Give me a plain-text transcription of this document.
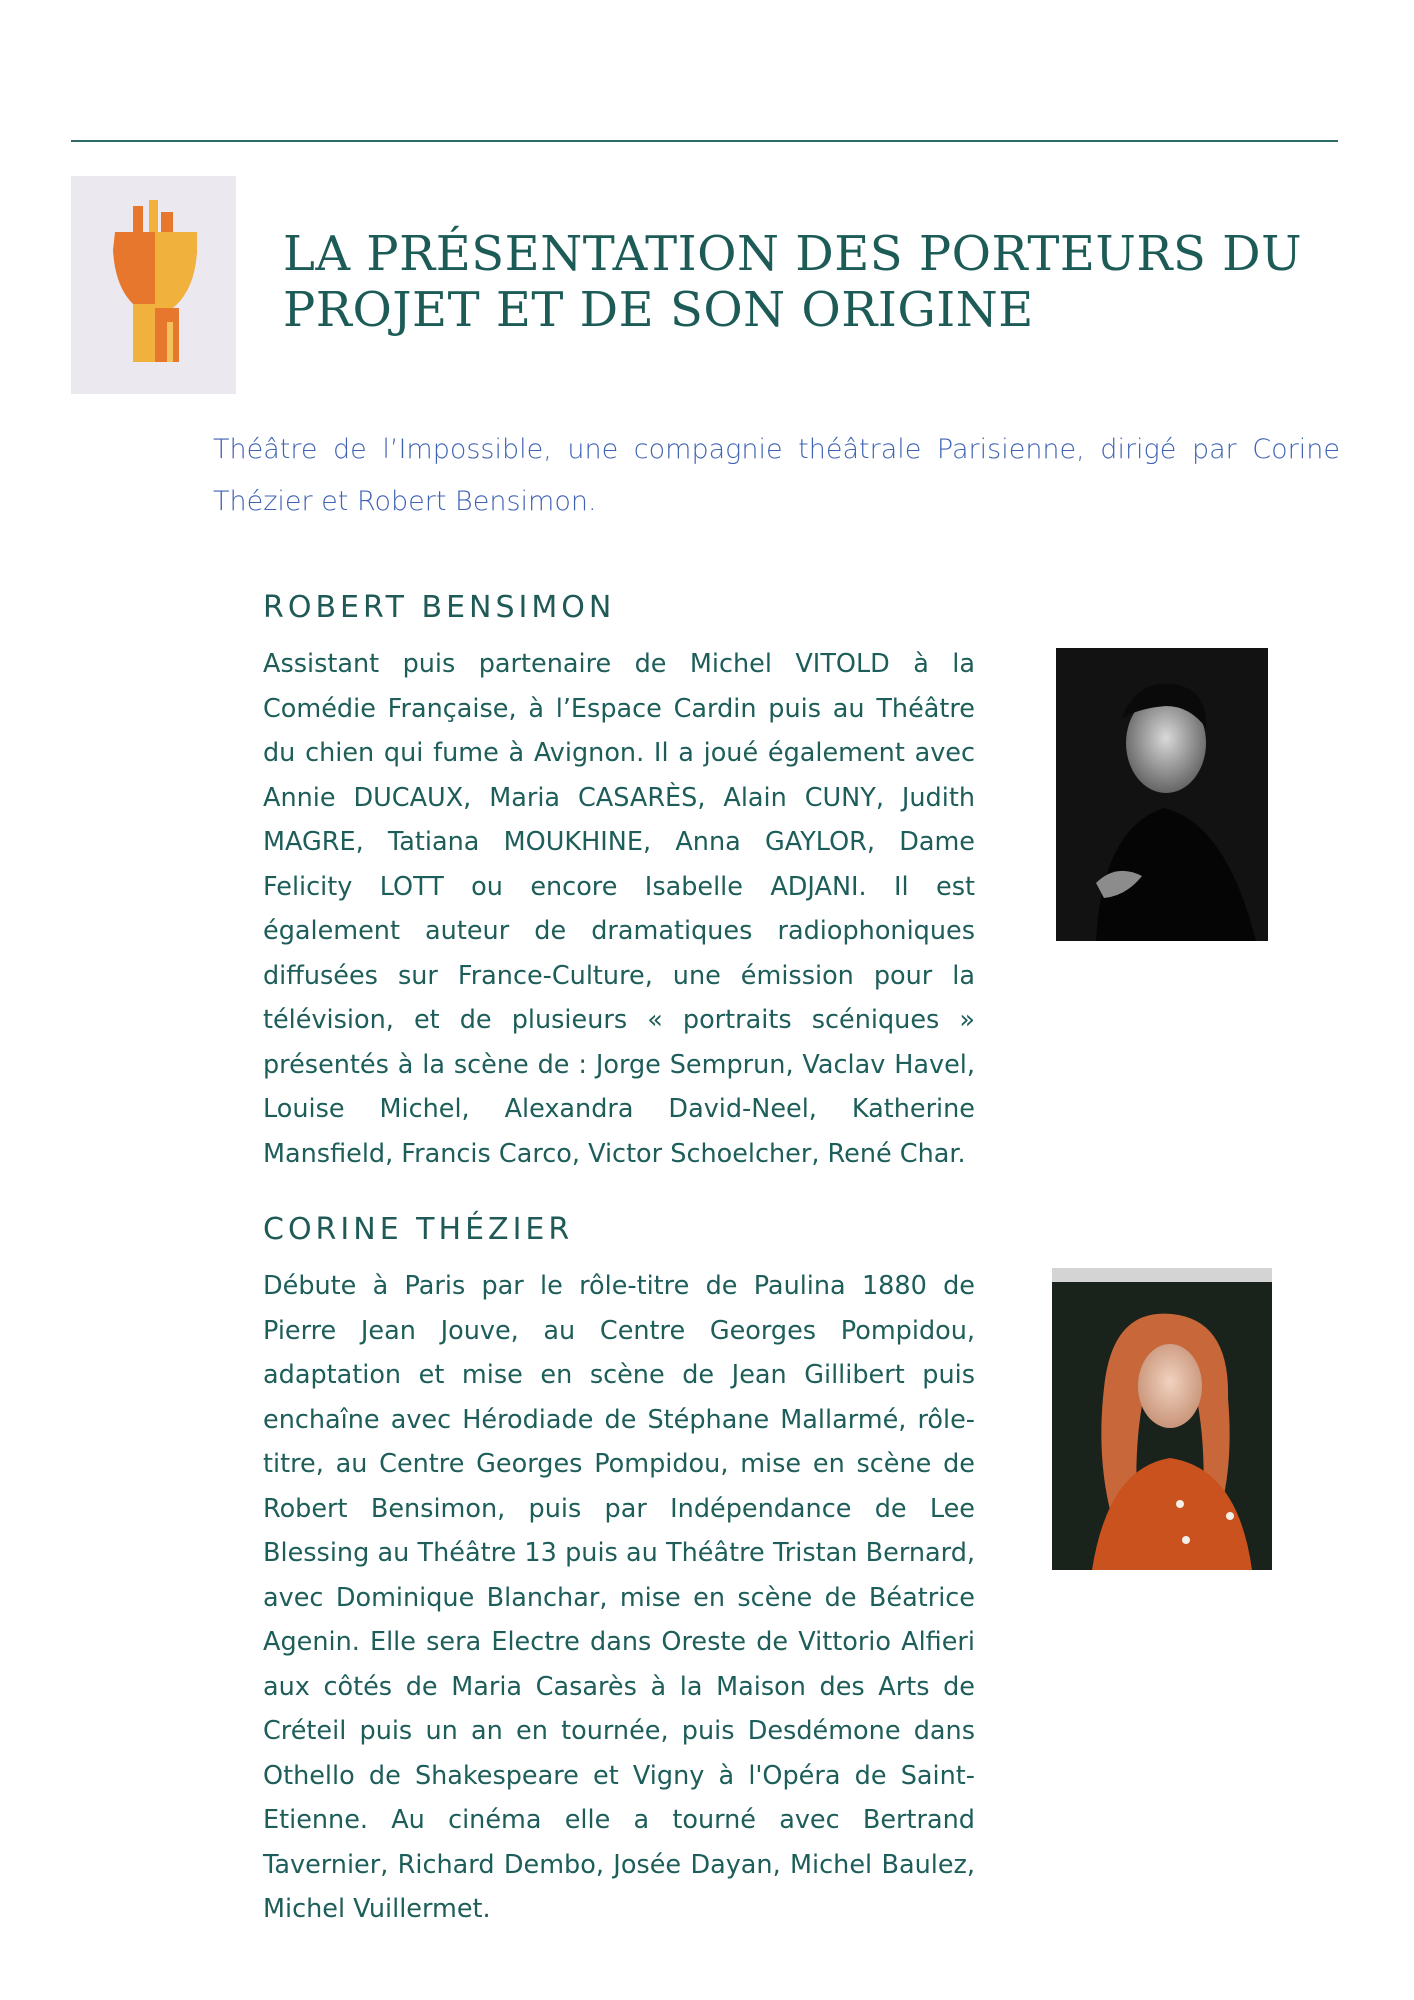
LA PRÉSENTATION DES PORTEURS DU
PROJET ET DE SON ORIGINE

Théâtre de l’Impossible, une compagnie théâtrale Parisienne, dirigé par Corine Thézier et Robert Bensimon.

ROBERT BENSIMON

Assistant puis partenaire de Michel VITOLD à la Comédie Française, à l’Espace Cardin puis au Théâtre du chien qui fume à Avignon. Il a joué également avec Annie DUCAUX, Maria CASARÈS, Alain CUNY, Judith MAGRE, Tatiana MOUKHINE, Anna GAYLOR, Dame Felicity LOTT ou encore Isabelle ADJANI. Il est également auteur de dramatiques radiophoniques diffusées sur France-Culture, une émission pour la télévision, et de plusieurs « portraits scéniques » présentés à la scène de : Jorge Semprun, Vaclav Havel, Louise Michel, Alexandra David-Neel, Katherine Mansfield, Francis Carco, Victor Schoelcher, René Char.

CORINE THÉZIER

Débute à Paris par le rôle-titre de Paulina 1880 de Pierre Jean Jouve, au Centre Georges Pompidou, adaptation et mise en scène de Jean Gillibert puis enchaîne avec Hérodiade de Stéphane Mallarmé, rôle-titre, au Centre Georges Pompidou, mise en scène de Robert Bensimon, puis par Indépendance de Lee Blessing au Théâtre 13 puis au Théâtre Tristan Bernard, avec Dominique Blanchar, mise en scène de Béatrice Agenin. Elle sera Electre dans Oreste de Vittorio Alfieri aux côtés de Maria Casarès à la Maison des Arts de Créteil puis un an en tournée, puis Desdémone dans Othello de Shakespeare et Vigny à l'Opéra de Saint-Etienne. Au cinéma elle a tourné avec Bertrand Tavernier, Richard Dembo, Josée Dayan, Michel Baulez, Michel Vuillermet.
